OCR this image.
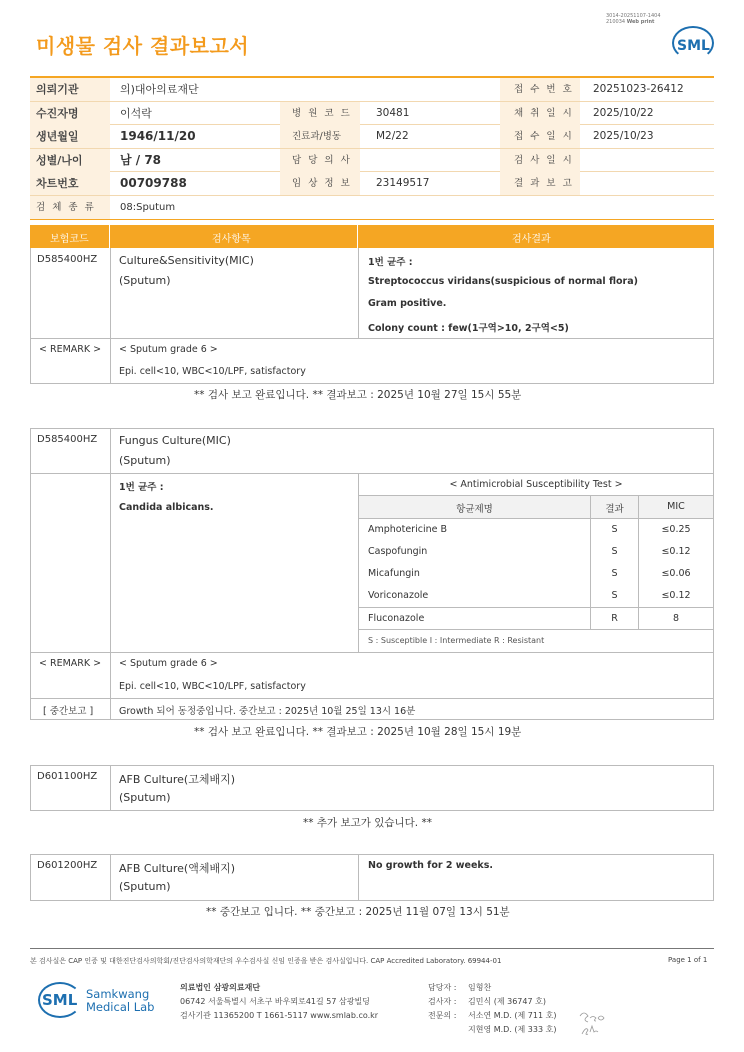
미생물 검사 결과보고서
3014-20251107-1404
210034 Web print
SML
의뢰기관	의)대아의료재단	접 수 번 호	20251023-26412
수진자명	이석락	병 원 코 드	30481	채 취 일 시	2025/10/22
생년월일	1946/11/20	진료과/병동	M2/22	접 수 일 시	2025/10/23
성별/나이	남 / 78	담 당 의 사	검 사 일 시
차트번호	00709788	임 상 정 보	23149517	결 과 보 고
검 체 종 류	08:Sputum
보험코드	검사항목	검사결과
D585400HZ Culture&Sensitivity(MIC)
(Sputum)
1번 균주 :
Streptococcus viridans(suspicious of normal flora)
Gram positive.
Colony count : few(1구역>10, 2구역<5)
< REMARK > < Sputum grade 6 >
Epi. cell<10, WBC<10/LPF, satisfactory
** 검사 보고 완료입니다. ** 결과보고 : 2025년 10월 27일 15시 55분
D585400HZ Fungus Culture(MIC)
(Sputum)
1번 균주 :
Candida albicans.
< Antimicrobial Susceptibility Test >
항균제명	결과	MIC
Amphotericine B	S	≤0.25
Caspofungin	S	≤0.12
Micafungin	S	≤0.06
Voriconazole	S	≤0.12
Fluconazole	R	8
S : Susceptible I : Intermediate R : Resistant
< REMARK > < Sputum grade 6 >
Epi. cell<10, WBC<10/LPF, satisfactory
[ 중간보고 ]	Growth 되어 동정중입니다. 중간보고 : 2025년 10월 25일 13시 16분
** 검사 보고 완료입니다. ** 결과보고 : 2025년 10월 28일 15시 19분
D601100HZ AFB Culture(고체배지)
(Sputum)
** 추가 보고가 있습니다. **
D601200HZ AFB Culture(액체배지)
(Sputum)
No growth for 2 weeks.
** 중간보고 입니다. ** 중간보고 : 2025년 11월 07일 13시 51분
본 검사실은 CAP 인증 및 대한진단검사의학회/진단검사의학재단의 우수검사실 신임 인증을 받은 검사실입니다. CAP Accredited Laboratory. 69944-01	Page 1 of 1
SML Samkwang
Medical Lab
의료법인 삼광의료재단
06742 서울특별시 서초구 바우뫼로41길 57 삼광빌딩
검사기관 11365200 T 1661-5117 www.smlab.co.kr
담당자 : 임형찬
검사자 : 김민식 (제 36747 호)
전문의 : 서소연 M.D. (제 711 호)
지현영 M.D. (제 333 호)
